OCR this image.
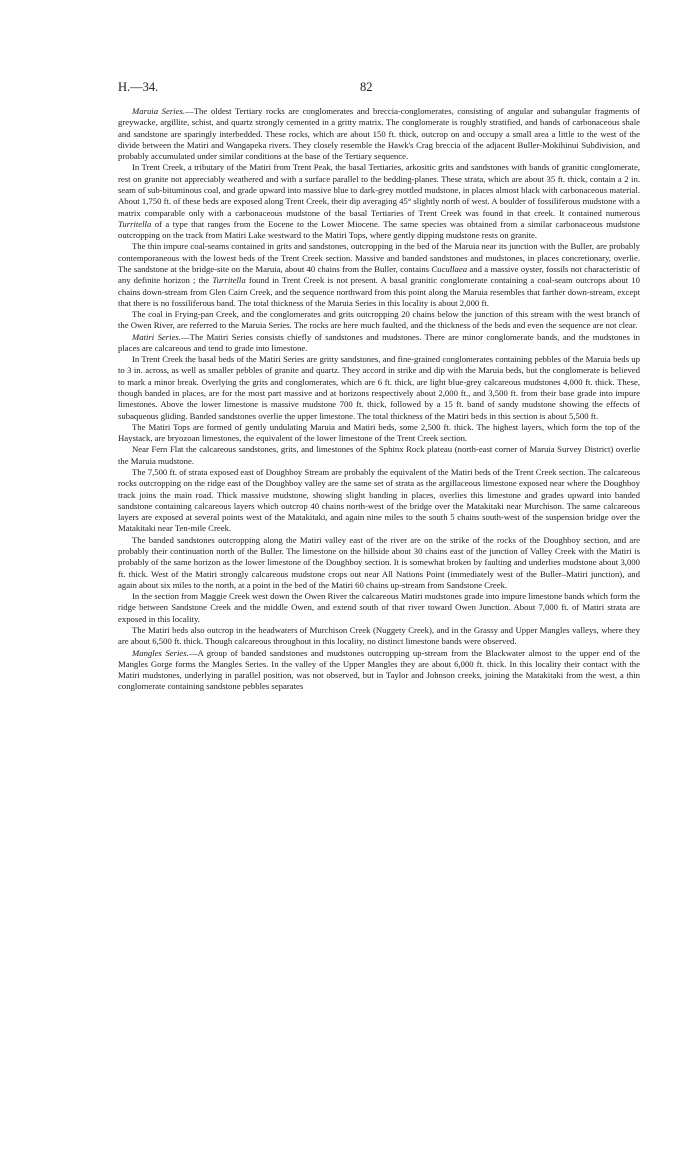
H.—34.	82

Maruia Series.—The oldest Tertiary rocks are conglomerates and breccia-conglomerates, consisting of angular and subangular fragments of greywacke, argillite, schist, and quartz strongly cemented in a gritty matrix. The conglomerate is roughly stratified, and bands of carbonaceous shale and sandstone are sparingly interbedded. These rocks, which are about 150 ft. thick, outcrop on and occupy a small area a little to the west of the divide between the Matiri and Wangapeka rivers. They closely resemble the Hawk's Crag breccia of the adjacent Buller-Mokihinui Subdivision, and probably accumulated under similar conditions at the base of the Tertiary sequence.

In Trent Creek, a tributary of the Matiri from Trent Peak, the basal Tertiaries, arkositic grits and sandstones with bands of granitic conglomerate, rest on granite not appreciably weathered and with a surface parallel to the bedding-planes. These strata, which are about 35 ft. thick, contain a 2 in. seam of sub-bituminous coal, and grade upward into massive blue to dark-grey mottled mudstone, in places almost black with carbonaceous material. About 1,750 ft. of these beds are exposed along Trent Creek, their dip averaging 45° slightly north of west. A boulder of fossiliferous mudstone with a matrix comparable only with a carbonaceous mudstone of the basal Tertiaries of Trent Creek was found in that creek. It contained numerous Turritella of a type that ranges from the Eocene to the Lower Miocene. The same species was obtained from a similar carbonaceous mudstone outcropping on the track from Matiri Lake westward to the Matiri Tops, where gently dipping mudstone rests on granite.

The thin impure coal-seams contained in grits and sandstones, outcropping in the bed of the Maruia near its junction with the Buller, are probably contemporaneous with the lowest beds of the Trent Creek section. Massive and banded sandstones and mudstones, in places concretionary, overlie. The sandstone at the bridge-site on the Maruia, about 40 chains from the Buller, contains Cucullaea and a massive oyster, fossils not characteristic of any definite horizon ; the Turritella found in Trent Creek is not present. A basal granitic conglomerate containing a coal-seam outcrops about 10 chains down-stream from Glen Cairn Creek, and the sequence northward from this point along the Maruia resembles that farther down-stream, except that there is no fossiliferous band. The total thickness of the Maruia Series in this locality is about 2,000 ft.

The coal in Frying-pan Creek, and the conglomerates and grits outcropping 20 chains below the junction of this stream with the west branch of the Owen River, are referred to the Maruia Series. The rocks are here much faulted, and the thickness of the beds and even the sequence are not clear.

Matiri Series.—The Matiri Series consists chiefly of sandstones and mudstones. There are minor conglomerate bands, and the mudstones in places are calcareous and tend to grade into limestone.

In Trent Creek the basal beds of the Matiri Series are gritty sandstones, and fine-grained conglomerates containing pebbles of the Maruia beds up to 3 in. across, as well as smaller pebbles of granite and quartz. They accord in strike and dip with the Maruia beds, but the conglomerate is believed to mark a minor break. Overlying the grits and conglomerates, which are 6 ft. thick, are light blue-grey calcareous mudstones 4,000 ft. thick. These, though banded in places, are for the most part massive and at horizons respectively about 2,000 ft., and 3,500 ft. from their base grade into impure limestones. Above the lower limestone is massive mudstone 700 ft. thick, followed by a 15 ft. band of sandy mudstone showing the effects of subaqueous gliding. Banded sandstones overlie the upper limestone. The total thickness of the Matiri beds in this section is about 5,500 ft.

The Matiri Tops are formed of gently undulating Maruia and Matiri beds, some 2,500 ft. thick. The highest layers, which form the top of the Haystack, are bryozoan limestones, the equivalent of the lower limestone of the Trent Creek section.

Near Fern Flat the calcareous sandstones, grits, and limestones of the Sphinx Rock plateau (north-east corner of Maruia Survey District) overlie the Maruia mudstone.

The 7,500 ft. of strata exposed east of Doughboy Stream are probably the equivalent of the Matiri beds of the Trent Creek section. The calcareous rocks outcropping on the ridge east of the Doughboy valley are the same set of strata as the argillaceous limestone exposed near where the Doughboy track joins the main road. Thick massive mudstone, showing slight banding in places, overlies this limestone and grades upward into banded sandstone containing calcareous layers which outcrop 40 chains north-west of the bridge over the Matakitaki near Murchison. The same calcareous layers are exposed at several points west of the Matakitaki, and again nine miles to the south 5 chains south-west of the suspension bridge over the Matakitaki near Ten-mile Creek.

The banded sandstones outcropping along the Matiri valley east of the river are on the strike of the rocks of the Doughboy section, and are probably their continuation north of the Buller. The limestone on the hillside about 30 chains east of the junction of Valley Creek with the Matiri is probably of the same horizon as the lower limestone of the Doughboy section. It is somewhat broken by faulting and underlies mudstone about 3,000 ft. thick. West of the Matiri strongly calcareous mudstone crops out near All Nations Point (immediately west of the Buller–Matiri junction), and again about six miles to the north, at a point in the bed of the Matiri 60 chains up-stream from Sandstone Creek.

In the section from Maggie Creek west down the Owen River the calcareous Matiri mudstones grade into impure limestone bands which form the ridge between Sandstone Creek and the middle Owen, and extend south of that river toward Owen Junction. About 7,000 ft. of Matiri strata are exposed in this locality.

The Matiri beds also outcrop in the headwaters of Murchison Creek (Nuggety Creek), and in the Grassy and Upper Mangles valleys, where they are about 6,500 ft. thick. Though calcareous throughout in this locality, no distinct limestone bands were observed.

Mangles Series.—A group of banded sandstones and mudstones outcropping up-stream from the Blackwater almost to the upper end of the Mangles Gorge forms the Mangles Series. In the valley of the Upper Mangles they are about 6,000 ft. thick. In this locality their contact with the Matiri mudstones, underlying in parallel position, was not observed, but in Taylor and Johnson creeks, joining the Matakitaki from the west, a thin conglomerate containing sandstone pebbles separates
